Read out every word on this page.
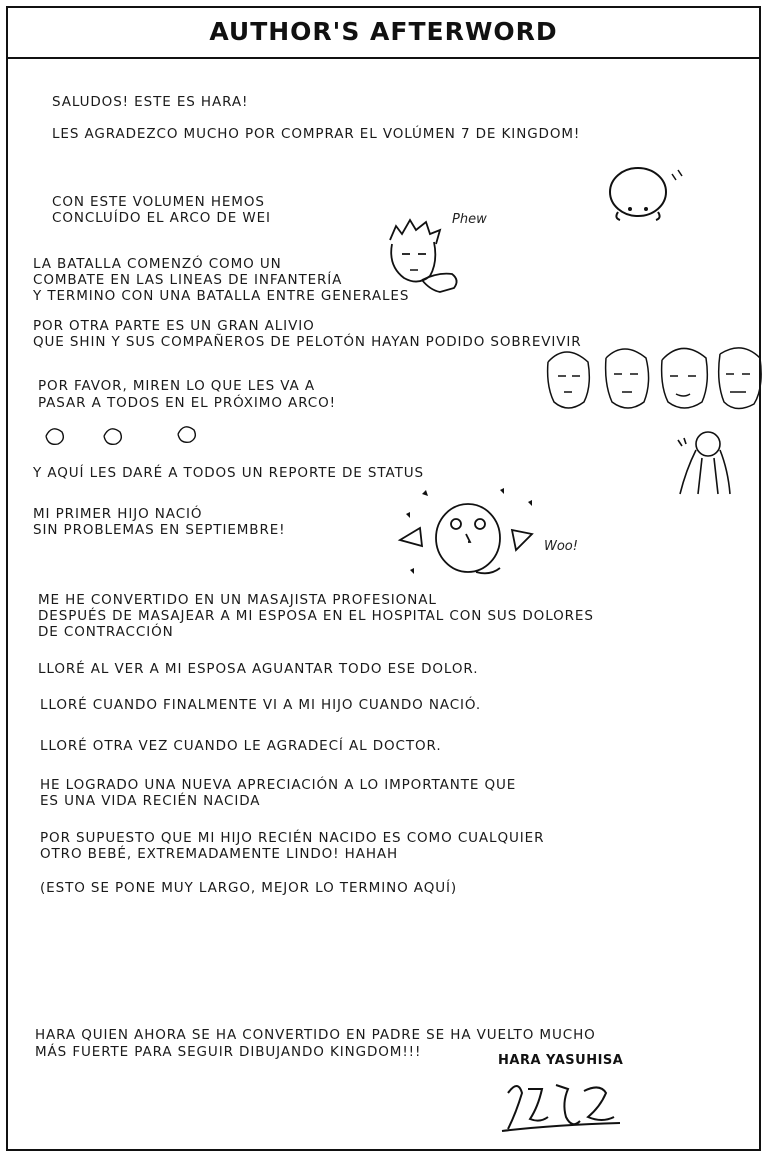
AUTHOR'S AFTERWORD
SALUDOS! ESTE ES HARA!
LES AGRADEZCO MUCHO POR COMPRAR EL VOLÚMEN 7 DE KINGDOM!
CON ESTE VOLUMEN HEMOS
CONCLUÍDO EL ARCO DE WEI
LA BATALLA COMENZÓ COMO UN
COMBATE EN LAS LINEAS DE INFANTERÍA
Y TERMINO CON UNA BATALLA ENTRE GENERALES
POR OTRA PARTE ES UN GRAN ALIVIO
QUE SHIN Y SUS COMPAÑEROS DE PELOTÓN HAYAN PODIDO SOBREVIVIR
POR FAVOR, MIREN LO QUE LES VA A
PASAR A TODOS EN EL PRÓXIMO ARCO!
Y AQUÍ LES DARÉ A TODOS UN REPORTE DE STATUS
MI PRIMER HIJO NACIÓ
SIN PROBLEMAS EN SEPTIEMBRE!
ME HE CONVERTIDO EN UN MASAJISTA PROFESIONAL
DESPUÉS DE MASAJEAR A MI ESPOSA EN EL HOSPITAL CON SUS DOLORES
DE CONTRACCIÓN
LLORÉ AL VER A MI ESPOSA AGUANTAR TODO ESE DOLOR.
LLORÉ CUANDO FINALMENTE VI A MI HIJO CUANDO NACIÓ.
LLORÉ OTRA VEZ CUANDO LE AGRADECÍ AL DOCTOR.
HE LOGRADO UNA NUEVA APRECIACIÓN A LO IMPORTANTE QUE
ES UNA VIDA RECIÉN NACIDA
POR SUPUESTO QUE MI HIJO RECIÉN NACIDO ES COMO CUALQUIER
OTRO BEBÉ, EXTREMADAMENTE LINDO! HAHAH
(ESTO SE PONE MUY LARGO, MEJOR LO TERMINO AQUÍ)
HARA QUIEN AHORA SE HA CONVERTIDO EN PADRE SE HA VUELTO MUCHO
MÁS FUERTE PARA SEGUIR DIBUJANDO KINGDOM!!!
Phew
Woo!
HARA YASUHISA
